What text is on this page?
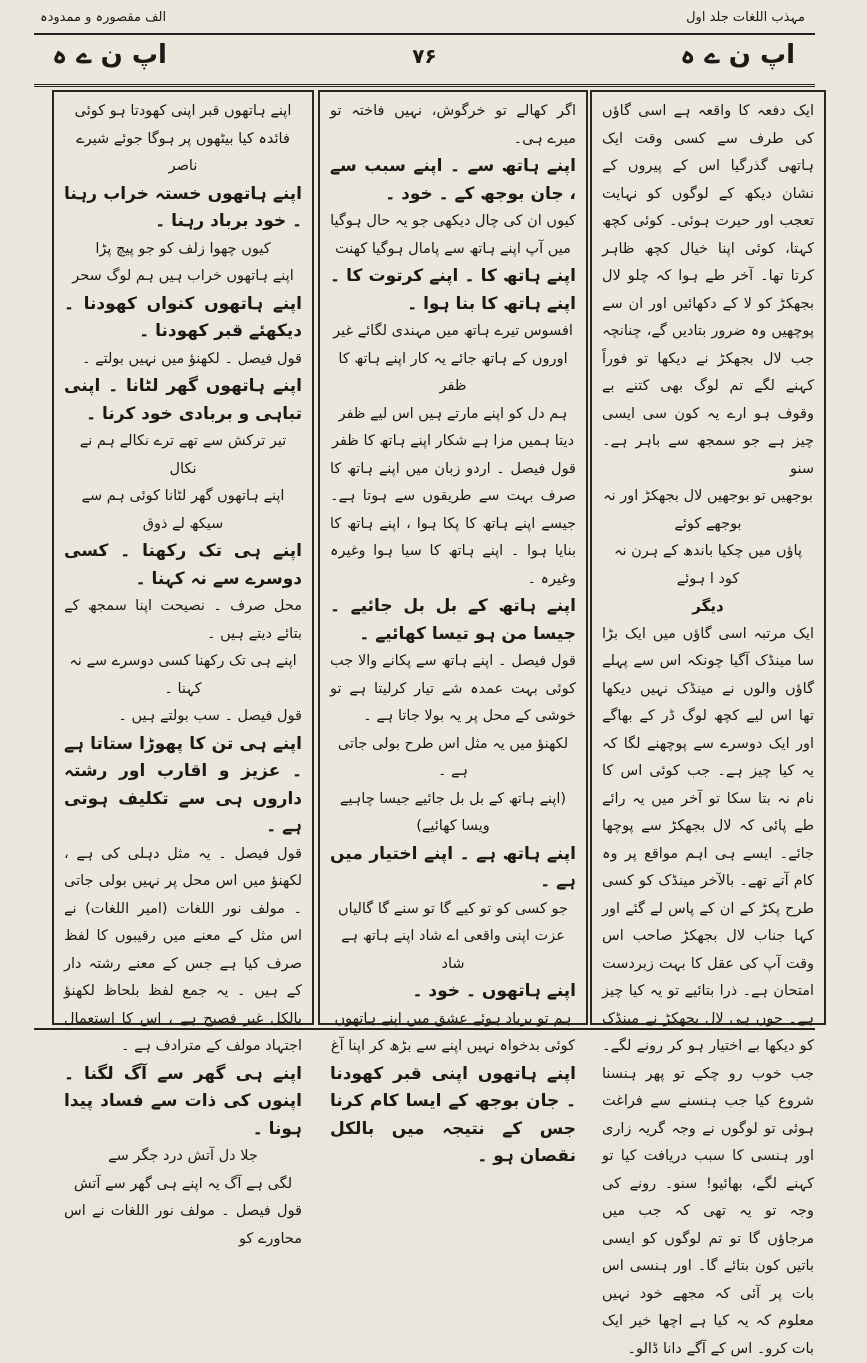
مہذب اللغات جلد اول
الف مقصورہ و ممدودہ
اپ ن ے ہ
۷۶
اپ ن ے ہ

ایک دفعہ کا واقعہ ہے اسی گاؤں کی طرف سے کسی وقت ایک ہاتھی گذرگیا اس کے پیروں کے نشان دیکھ کے لوگوں کو نہایت تعجب اور حیرت ہوئی۔ کوئی کچھ کہتا، کوئی اپنا خیال کچھ ظاہر کرتا تھا۔ آخر طے ہوا کہ چلو لال بجھکڑ کو لا کے دکھائیں اور ان سے پوچھیں وہ ضرور بتادیں گے، چنانچہ جب لال بجھکڑ نے دیکھا تو فوراً کہنے لگے تم لوگ بھی کتنے بے وقوف ہو ارے یہ کون سی ایسی چیز ہے جو سمجھ سے باہر ہے۔ سنو

بوجھیں تو بوجھیں لال بجھکڑ اور نہ بوجھے کوئے

پاؤں میں چکیا باندھ کے ہرن نہ کود ا ہوئے

دیگر

ایک مرتبہ اسی گاؤں میں ایک بڑا سا مینڈک آگیا چونکہ اس سے پہلے گاؤں والوں نے مینڈک نہیں دیکھا تھا اس لیے کچھ لوگ ڈر کے بھاگے اور ایک دوسرے سے پوچھنے لگا کہ یہ کیا چیز ہے۔ جب کوئی اس کا نام نہ بتا سکا تو آخر میں یہ رائے طے پائی کہ لال بجھکڑ سے پوچھا جائے۔ ایسے ہی اہم مواقع پر وہ کام آتے تھے۔ بالآخر مینڈک کو کسی طرح پکڑ کے ان کے پاس لے گئے اور کہا جناب لال بجھکڑ صاحب اس وقت آپ کی عقل کا بہت زبردست امتحان ہے۔ ذرا بتائیے تو یہ کیا چیز ہے۔ جوں ہی لال بجھکڑ نے مینڈک کو دیکھا بے اختیار ہو کر رونے لگے۔ جب خوب رو چکے تو پھر ہنسنا شروع کیا جب ہنسنے سے فراغت ہوئی تو لوگوں نے وجہ گریہ زاری اور ہنسی کا سبب دریافت کیا تو کہنے لگے، بھائیو! سنو۔ رونے کی وجہ تو یہ تھی کہ جب میں مرجاؤں گا تو تم لوگوں کو ایسی باتیں کون بتائے گا۔ اور ہنسی اس بات پر آئی کہ مجھے خود نہیں معلوم کہ یہ کیا ہے اچھا خیر ایک بات کرو۔ اس کے آگے دانا ڈالو۔

اگر کھالے تو خرگوش، نہیں فاختہ تو میرے ہی۔

اپنے ہاتھ سے ۔ اپنے سبب سے ، جان بوجھ کے ۔ خود ۔

کیوں ان کی چال دیکھی جو یہ حال ہوگیا

میں آپ اپنے ہاتھ سے پامال ہوگیا کھنت

اپنے ہاتھ کا ۔ اپنے کرتوت کا ۔ اپنے ہاتھ کا بنا ہوا ۔

افسوس تیرے ہاتھ میں مہندی لگائے غیر اوروں کے ہاتھ جائے یہ کار اپنے ہاتھ کا ظفر

ہم دل کو اپنے مارتے ہیں اس لیے ظفر دیتا ہمیں مزا ہے شکار اپنے ہاتھ کا ظفر

قول فیصل ۔ اردو زبان میں اپنے ہاتھ کا صرف بہت سے طریقوں سے ہوتا ہے۔ جیسے اپنے ہاتھ کا پکا ہوا ، اپنے ہاتھ کا بنایا ہوا ۔ اپنے ہاتھ کا سیا ہوا وغیرہ وغیرہ ۔

اپنے ہاتھ کے بل بل جائیے ۔ جیسا من ہو تیسا کھائیے ۔

قول فیصل ۔ اپنے ہاتھ سے پکانے والا جب کوئی بہت عمدہ شے تیار کرلیتا ہے تو خوشی کے محل پر یہ بولا جاتا ہے ۔

لکھنؤ میں یہ مثل اس طرح بولی جاتی ہے ۔

(اپنے ہاتھ کے بل بل جائیے جیسا چاہیے ویسا کھائیے)

اپنے ہاتھ ہے ۔ اپنے اختیار میں ہے ۔

جو کسی کو تو کیے گا تو سنے گا گالیاں

عزت اپنی واقعی اے شاد اپنے ہاتھ ہے شاد

اپنے ہاتھوں ۔ خود ۔

ہم تو برباد ہوئے عشق میں اپنے ہاتھوں

کوئی بدخواہ نہیں اپنے سے بڑھ کر اپنا آغ

اپنے ہاتھوں اپنی قبر کھودنا ۔ جان بوجھ کے ایسا کام کرنا جس کے نتیجہ میں بالکل نقصان ہو ۔

اپنے ہاتھوں قبر اپنی کھودتا ہو کوئی

فائدہ کیا بیٹھوں پر ہوگا جوئے شیرے ناصر

اپنے ہاتھوں خستہ خراب رہنا ۔ خود برباد رہنا ۔

کیوں چھوا زلف کو جو پیچ پڑا

اپنے ہاتھوں خراب ہیں ہم لوگ سحر

اپنے ہاتھوں کنواں کھودنا ۔ دیکھئے قبر کھودنا ۔

قول فیصل ۔ لکھنؤ میں نہیں بولتے ۔

اپنے ہاتھوں گھر لٹانا ۔ اپنی تباہی و بربادی خود کرنا ۔

تیر ترکش سے تھے ترے نکالے ہم نے نکال

اپنے ہاتھوں گھر لٹانا کوئی ہم سے سیکھ لے ذوق

اپنے ہی تک رکھنا ۔ کسی دوسرے سے نہ کہنا ۔

محل صرف ۔ نصیحت اپنا سمجھ کے بتائے دیتے ہیں ۔

اپنے ہی تک رکھنا کسی دوسرے سے نہ کہنا ۔

قول فیصل ۔ سب بولتے ہیں ۔

اپنے ہی تن کا پھوڑا ستاتا ہے ۔ عزیز و اقارب اور رشتہ داروں ہی سے تکلیف ہوتی ہے ۔

قول فیصل ۔ یہ مثل دہلی کی ہے ، لکھنؤ میں اس محل پر نہیں بولی جاتی ۔ مولف نور اللغات (امیر اللغات) نے اس مثل کے معنے میں رقیبوں کا لفظ صرف کیا ہے جس کے معنے رشتہ دار کے ہیں ۔ یہ جمع لفظ بلحاظ لکھنؤ بالکل غیر فصیح ہے ، اس کا استعمال اجتہاد مولف کے مترادف ہے ۔

اپنے ہی گھر سے آگ لگنا ۔ اپنوں کی ذات سے فساد پیدا ہونا ۔

جلا دل آتش درد جگر سے

لگی ہے آگ یہ اپنے ہی گھر سے آتش

قول فیصل ۔ مولف نور اللغات نے اس محاورے کو
